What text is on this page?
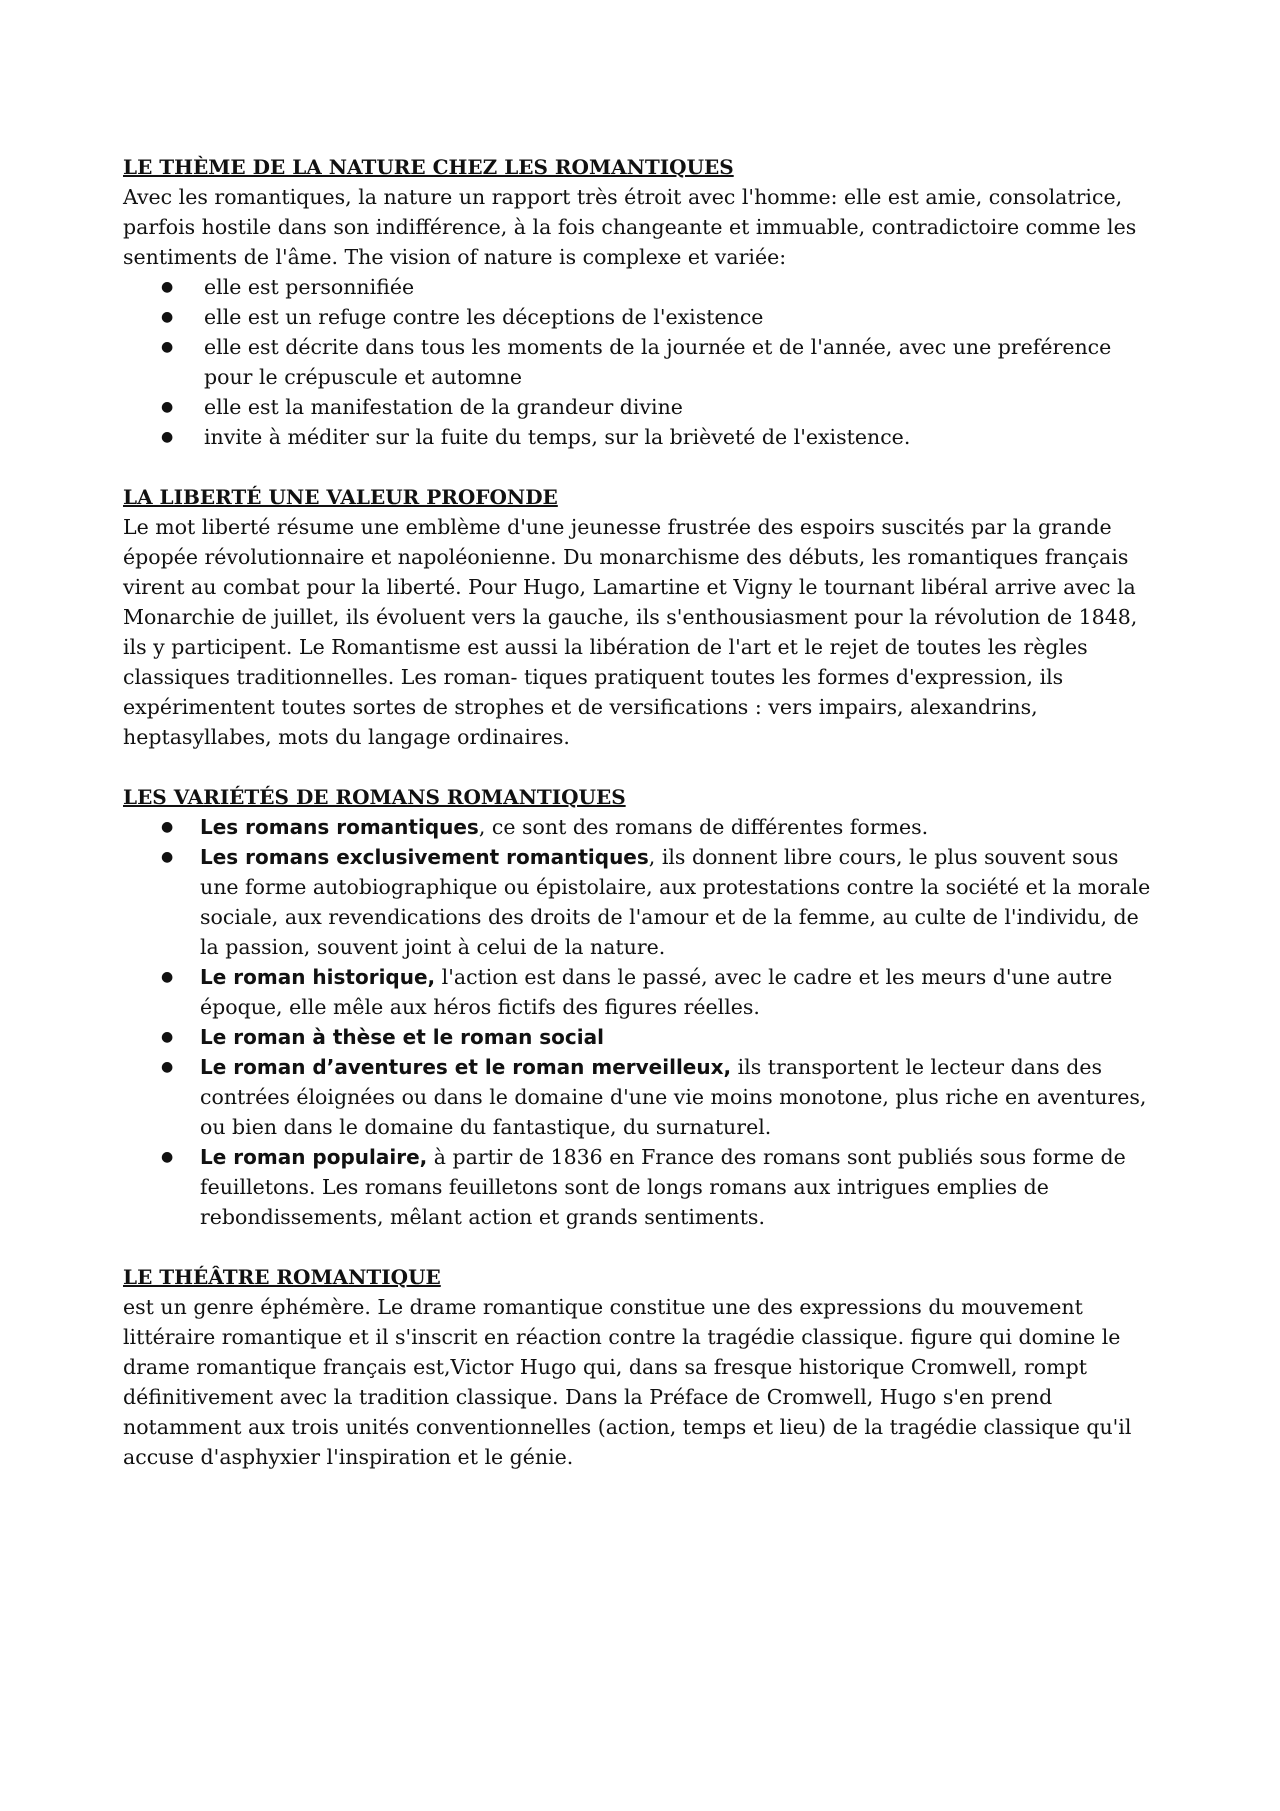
LE THÈME DE LA NATURE CHEZ LES ROMANTIQUES

Avec les romantiques, la nature un rapport très étroit avec l'homme: elle est amie, consolatrice, parfois hostile dans son indifférence, à la fois changeante et immuable, contradictoire comme les sentiments de l'âme. The vision of nature is complexe et variée:

● elle est personnifiée
● elle est un refuge contre les déceptions de l'existence
● elle est décrite dans tous les moments de la journée et de l'année, avec une preférence pour le crépuscule et automne
● elle est la manifestation de la grandeur divine
● invite à méditer sur la fuite du temps, sur la brièveté de l'existence.

LA LIBERTÉ UNE VALEUR PROFONDE

Le mot liberté résume une emblème d'une jeunesse frustrée des espoirs suscités par la grande épopée révolutionnaire et napoléonienne. Du monarchisme des débuts, les romantiques français virent au combat pour la liberté. Pour Hugo, Lamartine et Vigny le tournant libéral arrive avec la Monarchie de juillet, ils évoluent vers la gauche, ils s'enthousiasment pour la révolution de 1848, ils y participent. Le Romantisme est aussi la libération de l'art et le rejet de toutes les règles classiques traditionnelles. Les roman- tiques pratiquent toutes les formes d'expression, ils expérimentent toutes sortes de strophes et de versifications : vers impairs, alexandrins, heptasyllabes, mots du langage ordinaires.

LES VARIÉTÉS DE ROMANS ROMANTIQUES

● Les romans romantiques, ce sont des romans de différentes formes.
● Les romans exclusivement romantiques, ils donnent libre cours, le plus souvent sous une forme autobiographique ou épistolaire, aux protestations contre la société et la morale sociale, aux revendications des droits de l'amour et de la femme, au culte de l'individu, de la passion, souvent joint à celui de la nature.
● Le roman historique, l'action est dans le passé, avec le cadre et les meurs d'une autre époque, elle mêle aux héros fictifs des figures réelles.
● Le roman à thèse et le roman social
● Le roman d’aventures et le roman merveilleux, ils transportent le lecteur dans des contrées éloignées ou dans le domaine d'une vie moins monotone, plus riche en aventures, ou bien dans le domaine du fantastique, du surnaturel.
● Le roman populaire, à partir de 1836 en France des romans sont publiés sous forme de feuilletons. Les romans feuilletons sont de longs romans aux intrigues emplies de rebondissements, mêlant action et grands sentiments.

LE THÉÂTRE ROMANTIQUE

est un genre éphémère. Le drame romantique constitue une des expressions du mouvement littéraire romantique et il s'inscrit en réaction contre la tragédie classique. figure qui domine le drame romantique français est,Victor Hugo qui, dans sa fresque historique Cromwell, rompt définitivement avec la tradition classique. Dans la Préface de Cromwell, Hugo s'en prend notamment aux trois unités conventionnelles (action, temps et lieu) de la tragédie classique qu'il accuse d'asphyxier l'inspiration et le génie.
